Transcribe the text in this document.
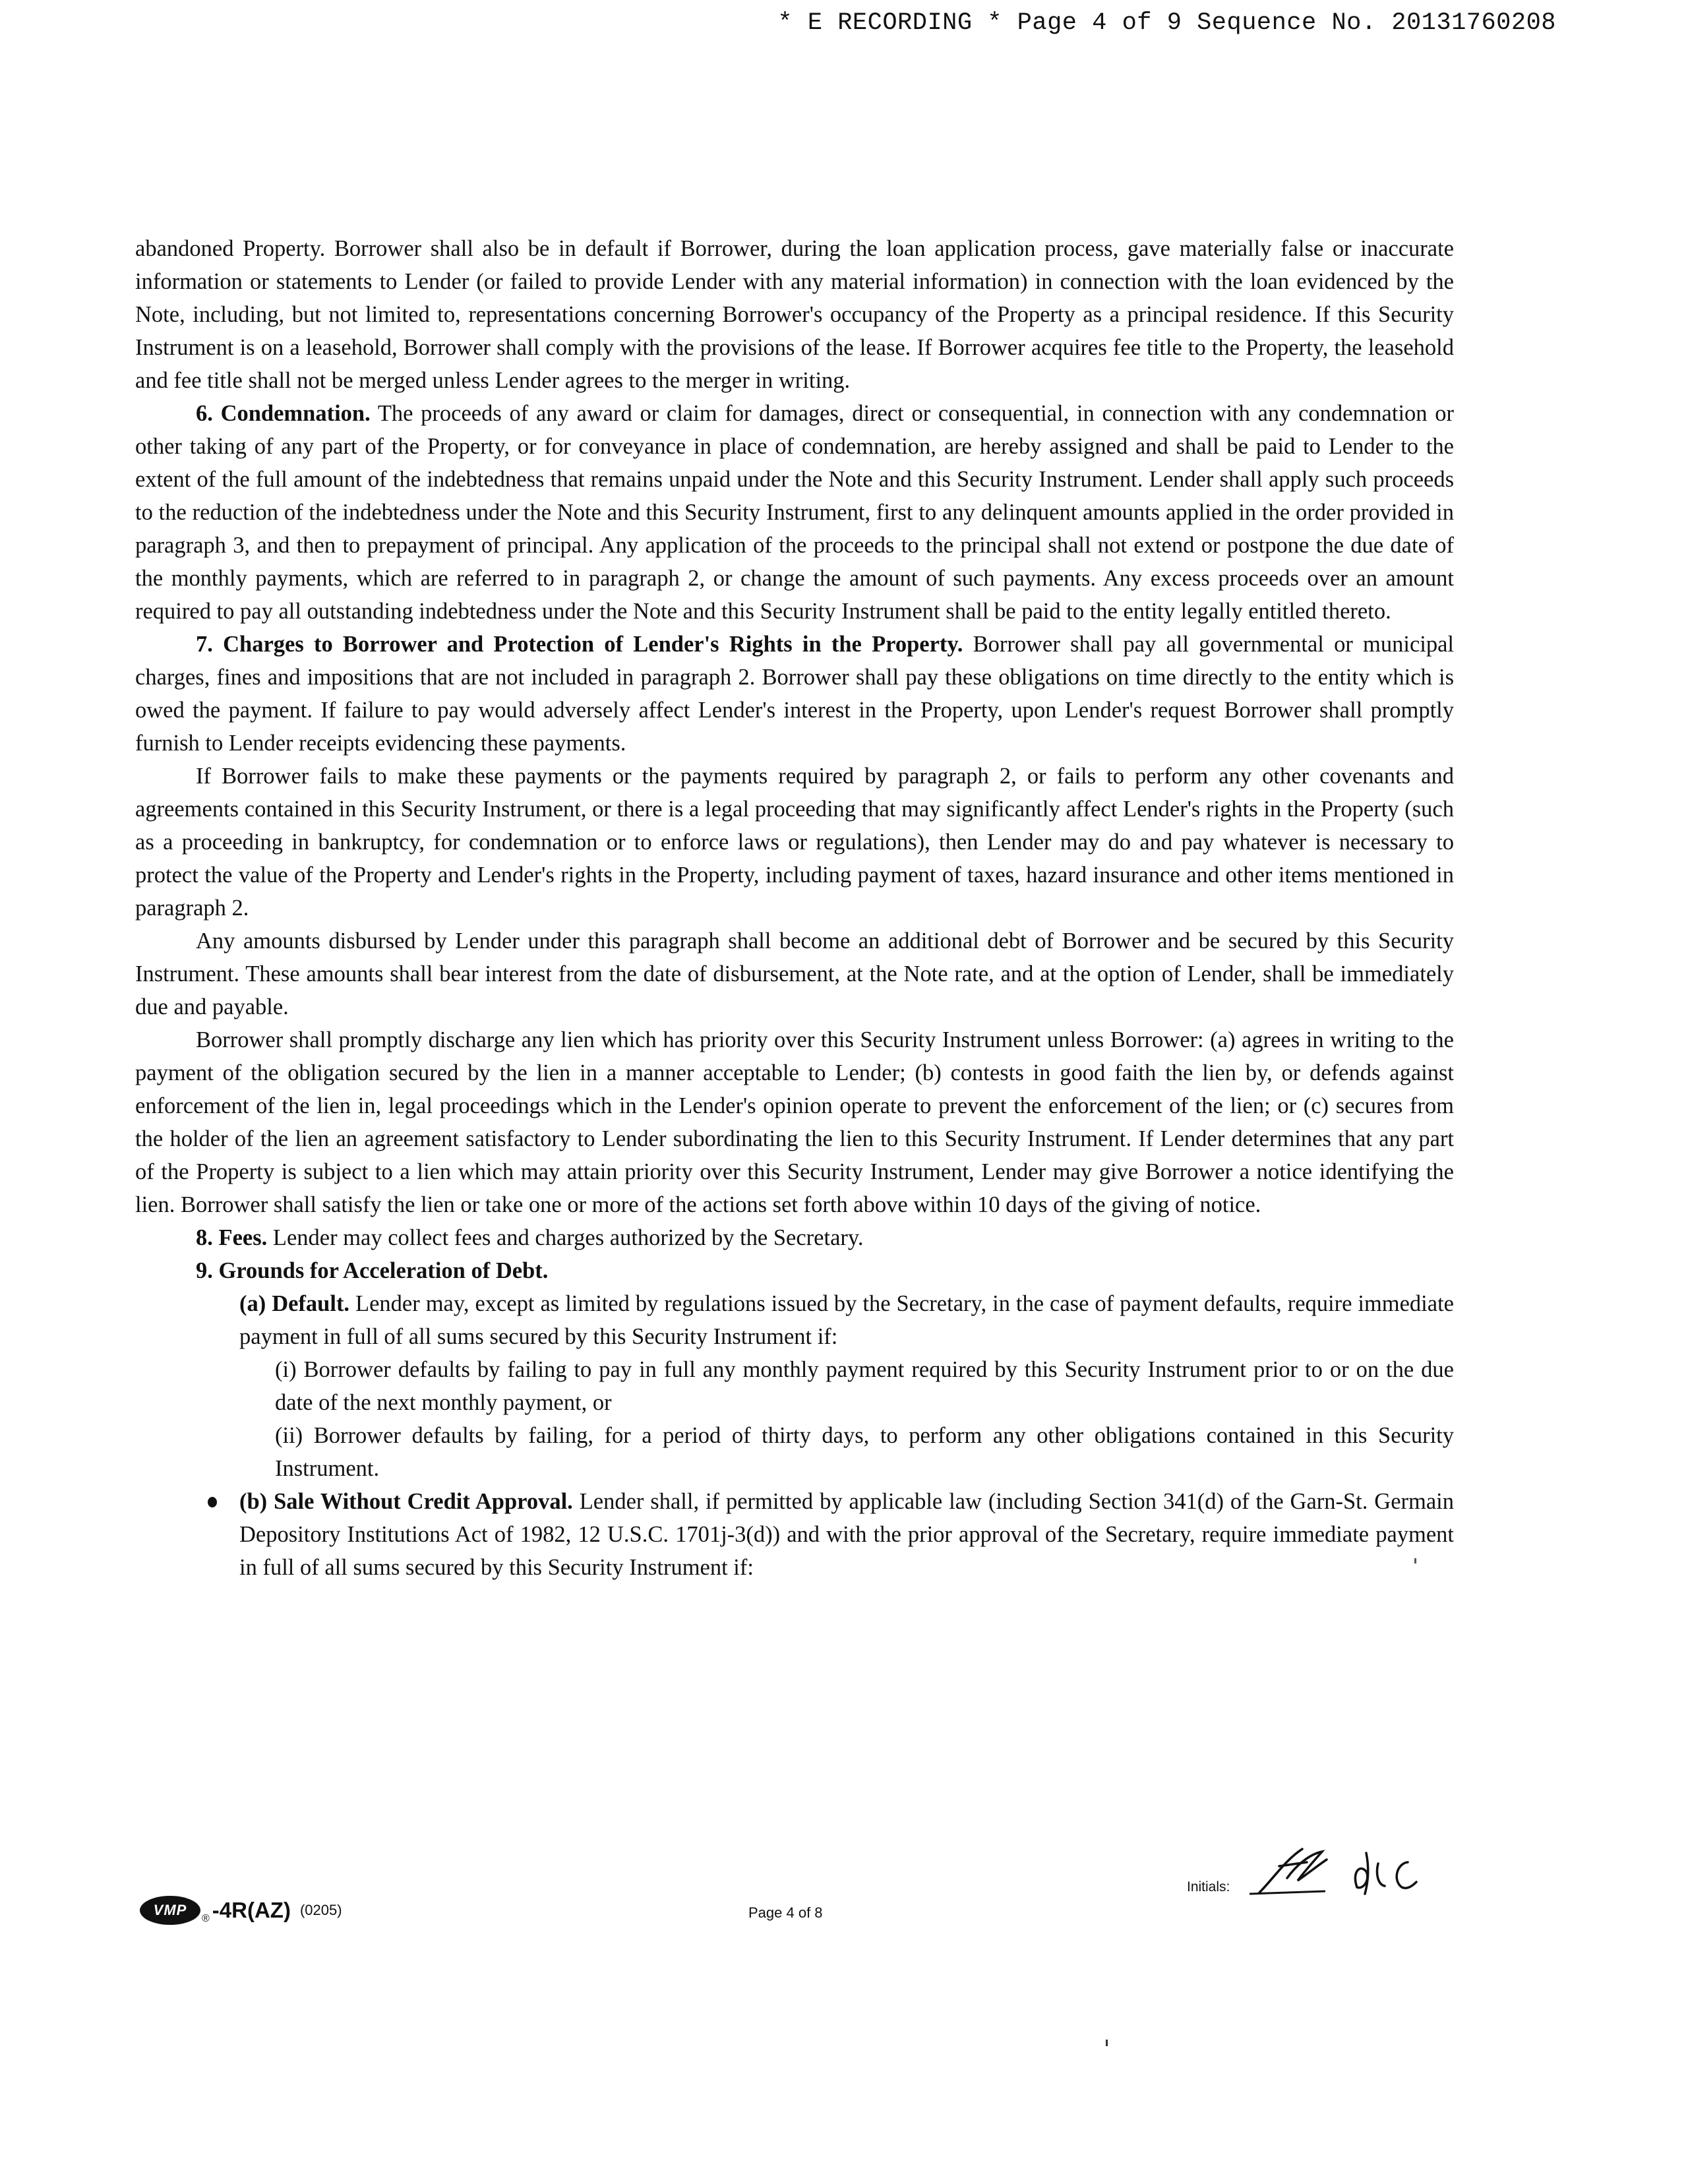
* E RECORDING * Page 4 of 9 Sequence No. 20131760208

abandoned Property. Borrower shall also be in default if Borrower, during the loan application process, gave materially false or inaccurate information or statements to Lender (or failed to provide Lender with any material information) in connection with the loan evidenced by the Note, including, but not limited to, representations concerning Borrower's occupancy of the Property as a principal residence. If this Security Instrument is on a leasehold, Borrower shall comply with the provisions of the lease. If Borrower acquires fee title to the Property, the leasehold and fee title shall not be merged unless Lender agrees to the merger in writing.

6. Condemnation. The proceeds of any award or claim for damages, direct or consequential, in connection with any condemnation or other taking of any part of the Property, or for conveyance in place of condemnation, are hereby assigned and shall be paid to Lender to the extent of the full amount of the indebtedness that remains unpaid under the Note and this Security Instrument. Lender shall apply such proceeds to the reduction of the indebtedness under the Note and this Security Instrument, first to any delinquent amounts applied in the order provided in paragraph 3, and then to prepayment of principal. Any application of the proceeds to the principal shall not extend or postpone the due date of the monthly payments, which are referred to in paragraph 2, or change the amount of such payments. Any excess proceeds over an amount required to pay all outstanding indebtedness under the Note and this Security Instrument shall be paid to the entity legally entitled thereto.

7. Charges to Borrower and Protection of Lender's Rights in the Property. Borrower shall pay all governmental or municipal charges, fines and impositions that are not included in paragraph 2. Borrower shall pay these obligations on time directly to the entity which is owed the payment. If failure to pay would adversely affect Lender's interest in the Property, upon Lender's request Borrower shall promptly furnish to Lender receipts evidencing these payments.

If Borrower fails to make these payments or the payments required by paragraph 2, or fails to perform any other covenants and agreements contained in this Security Instrument, or there is a legal proceeding that may significantly affect Lender's rights in the Property (such as a proceeding in bankruptcy, for condemnation or to enforce laws or regulations), then Lender may do and pay whatever is necessary to protect the value of the Property and Lender's rights in the Property, including payment of taxes, hazard insurance and other items mentioned in paragraph 2.

Any amounts disbursed by Lender under this paragraph shall become an additional debt of Borrower and be secured by this Security Instrument. These amounts shall bear interest from the date of disbursement, at the Note rate, and at the option of Lender, shall be immediately due and payable.

Borrower shall promptly discharge any lien which has priority over this Security Instrument unless Borrower: (a) agrees in writing to the payment of the obligation secured by the lien in a manner acceptable to Lender; (b) contests in good faith the lien by, or defends against enforcement of the lien in, legal proceedings which in the Lender's opinion operate to prevent the enforcement of the lien; or (c) secures from the holder of the lien an agreement satisfactory to Lender subordinating the lien to this Security Instrument. If Lender determines that any part of the Property is subject to a lien which may attain priority over this Security Instrument, Lender may give Borrower a notice identifying the lien. Borrower shall satisfy the lien or take one or more of the actions set forth above within 10 days of the giving of notice.

8. Fees. Lender may collect fees and charges authorized by the Secretary.

9. Grounds for Acceleration of Debt.

(a) Default. Lender may, except as limited by regulations issued by the Secretary, in the case of payment defaults, require immediate payment in full of all sums secured by this Security Instrument if:

(i) Borrower defaults by failing to pay in full any monthly payment required by this Security Instrument prior to or on the due date of the next monthly payment, or

(ii) Borrower defaults by failing, for a period of thirty days, to perform any other obligations contained in this Security Instrument.

(b) Sale Without Credit Approval. Lender shall, if permitted by applicable law (including Section 341(d) of the Garn-St. Germain Depository Institutions Act of 1982, 12 U.S.C. 1701j-3(d)) and with the prior approval of the Secretary, require immediate payment in full of all sums secured by this Security Instrument if:

Initials:
VMP
® -4R(AZ) (0205)	Page 4 of 8
